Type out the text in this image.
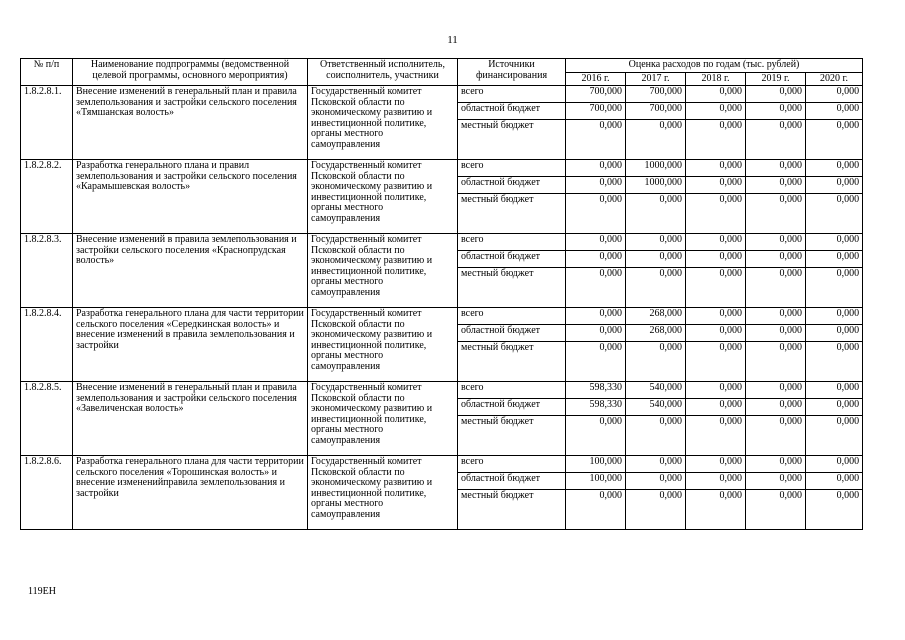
11
№ п/п	Наименование подпрограммы (ведомственной целевой программы, основного мероприятия)	Ответственный исполнитель, соисполнитель, участники	Источники финансирования	Оценка расходов по годам (тыс. рублей)				
				2016 г.	2017 г.	2018 г.	2019 г.	2020 г.
1.8.2.8.1.	Внесение изменений в генеральный план и правила землепользования и застройки сельского поселения «Тямшанская волость»	Государственный комитет Псковской области по экономическому развитию и инвестиционной политике, органы местного самоуправления	всего	700,000	700,000	0,000	0,000	0,000
			областной бюджет	700,000	700,000	0,000	0,000	0,000
			местный бюджет	0,000	0,000	0,000	0,000	0,000
1.8.2.8.2.	Разработка генерального плана и правил землепользования и застройки сельского поселения «Карамышевская волость»	Государственный комитет Псковской области по экономическому развитию и инвестиционной политике, органы местного самоуправления	всего	0,000	1000,000	0,000	0,000	0,000
			областной бюджет	0,000	1000,000	0,000	0,000	0,000
			местный бюджет	0,000	0,000	0,000	0,000	0,000
1.8.2.8.3.	Внесение изменений в правила землепользования и застройки сельского поселения «Краснопрудская волость»	Государственный комитет Псковской области по экономическому развитию и инвестиционной политике, органы местного самоуправления	всего	0,000	0,000	0,000	0,000	0,000
			областной бюджет	0,000	0,000	0,000	0,000	0,000
			местный бюджет	0,000	0,000	0,000	0,000	0,000
1.8.2.8.4.	Разработка генерального плана для части территории сельского поселения «Середкинская волость» и внесение изменений в правила землепользования и застройки	Государственный комитет Псковской области по экономическому развитию и инвестиционной политике, органы местного самоуправления	всего	0,000	268,000	0,000	0,000	0,000
			областной бюджет	0,000	268,000	0,000	0,000	0,000
			местный бюджет	0,000	0,000	0,000	0,000	0,000
1.8.2.8.5.	Внесение изменений в генеральный план и правила землепользования и застройки сельского поселения «Завеличенская волость»	Государственный комитет Псковской области по экономическому развитию и инвестиционной политике, органы местного самоуправления	всего	598,330	540,000	0,000	0,000	0,000
			областной бюджет	598,330	540,000	0,000	0,000	0,000
			местный бюджет	0,000	0,000	0,000	0,000	0,000
1.8.2.8.6.	Разработка генерального плана для части территории сельского поселения «Торошинская волость» и внесение измененийправила землепользования и застройки	Государственный комитет Псковской области по экономическому развитию и инвестиционной политике, органы местного самоуправления	всего	100,000	0,000	0,000	0,000	0,000
			областной бюджет	100,000	0,000	0,000	0,000	0,000
			местный бюджет	0,000	0,000	0,000	0,000	0,000
119ЕН
